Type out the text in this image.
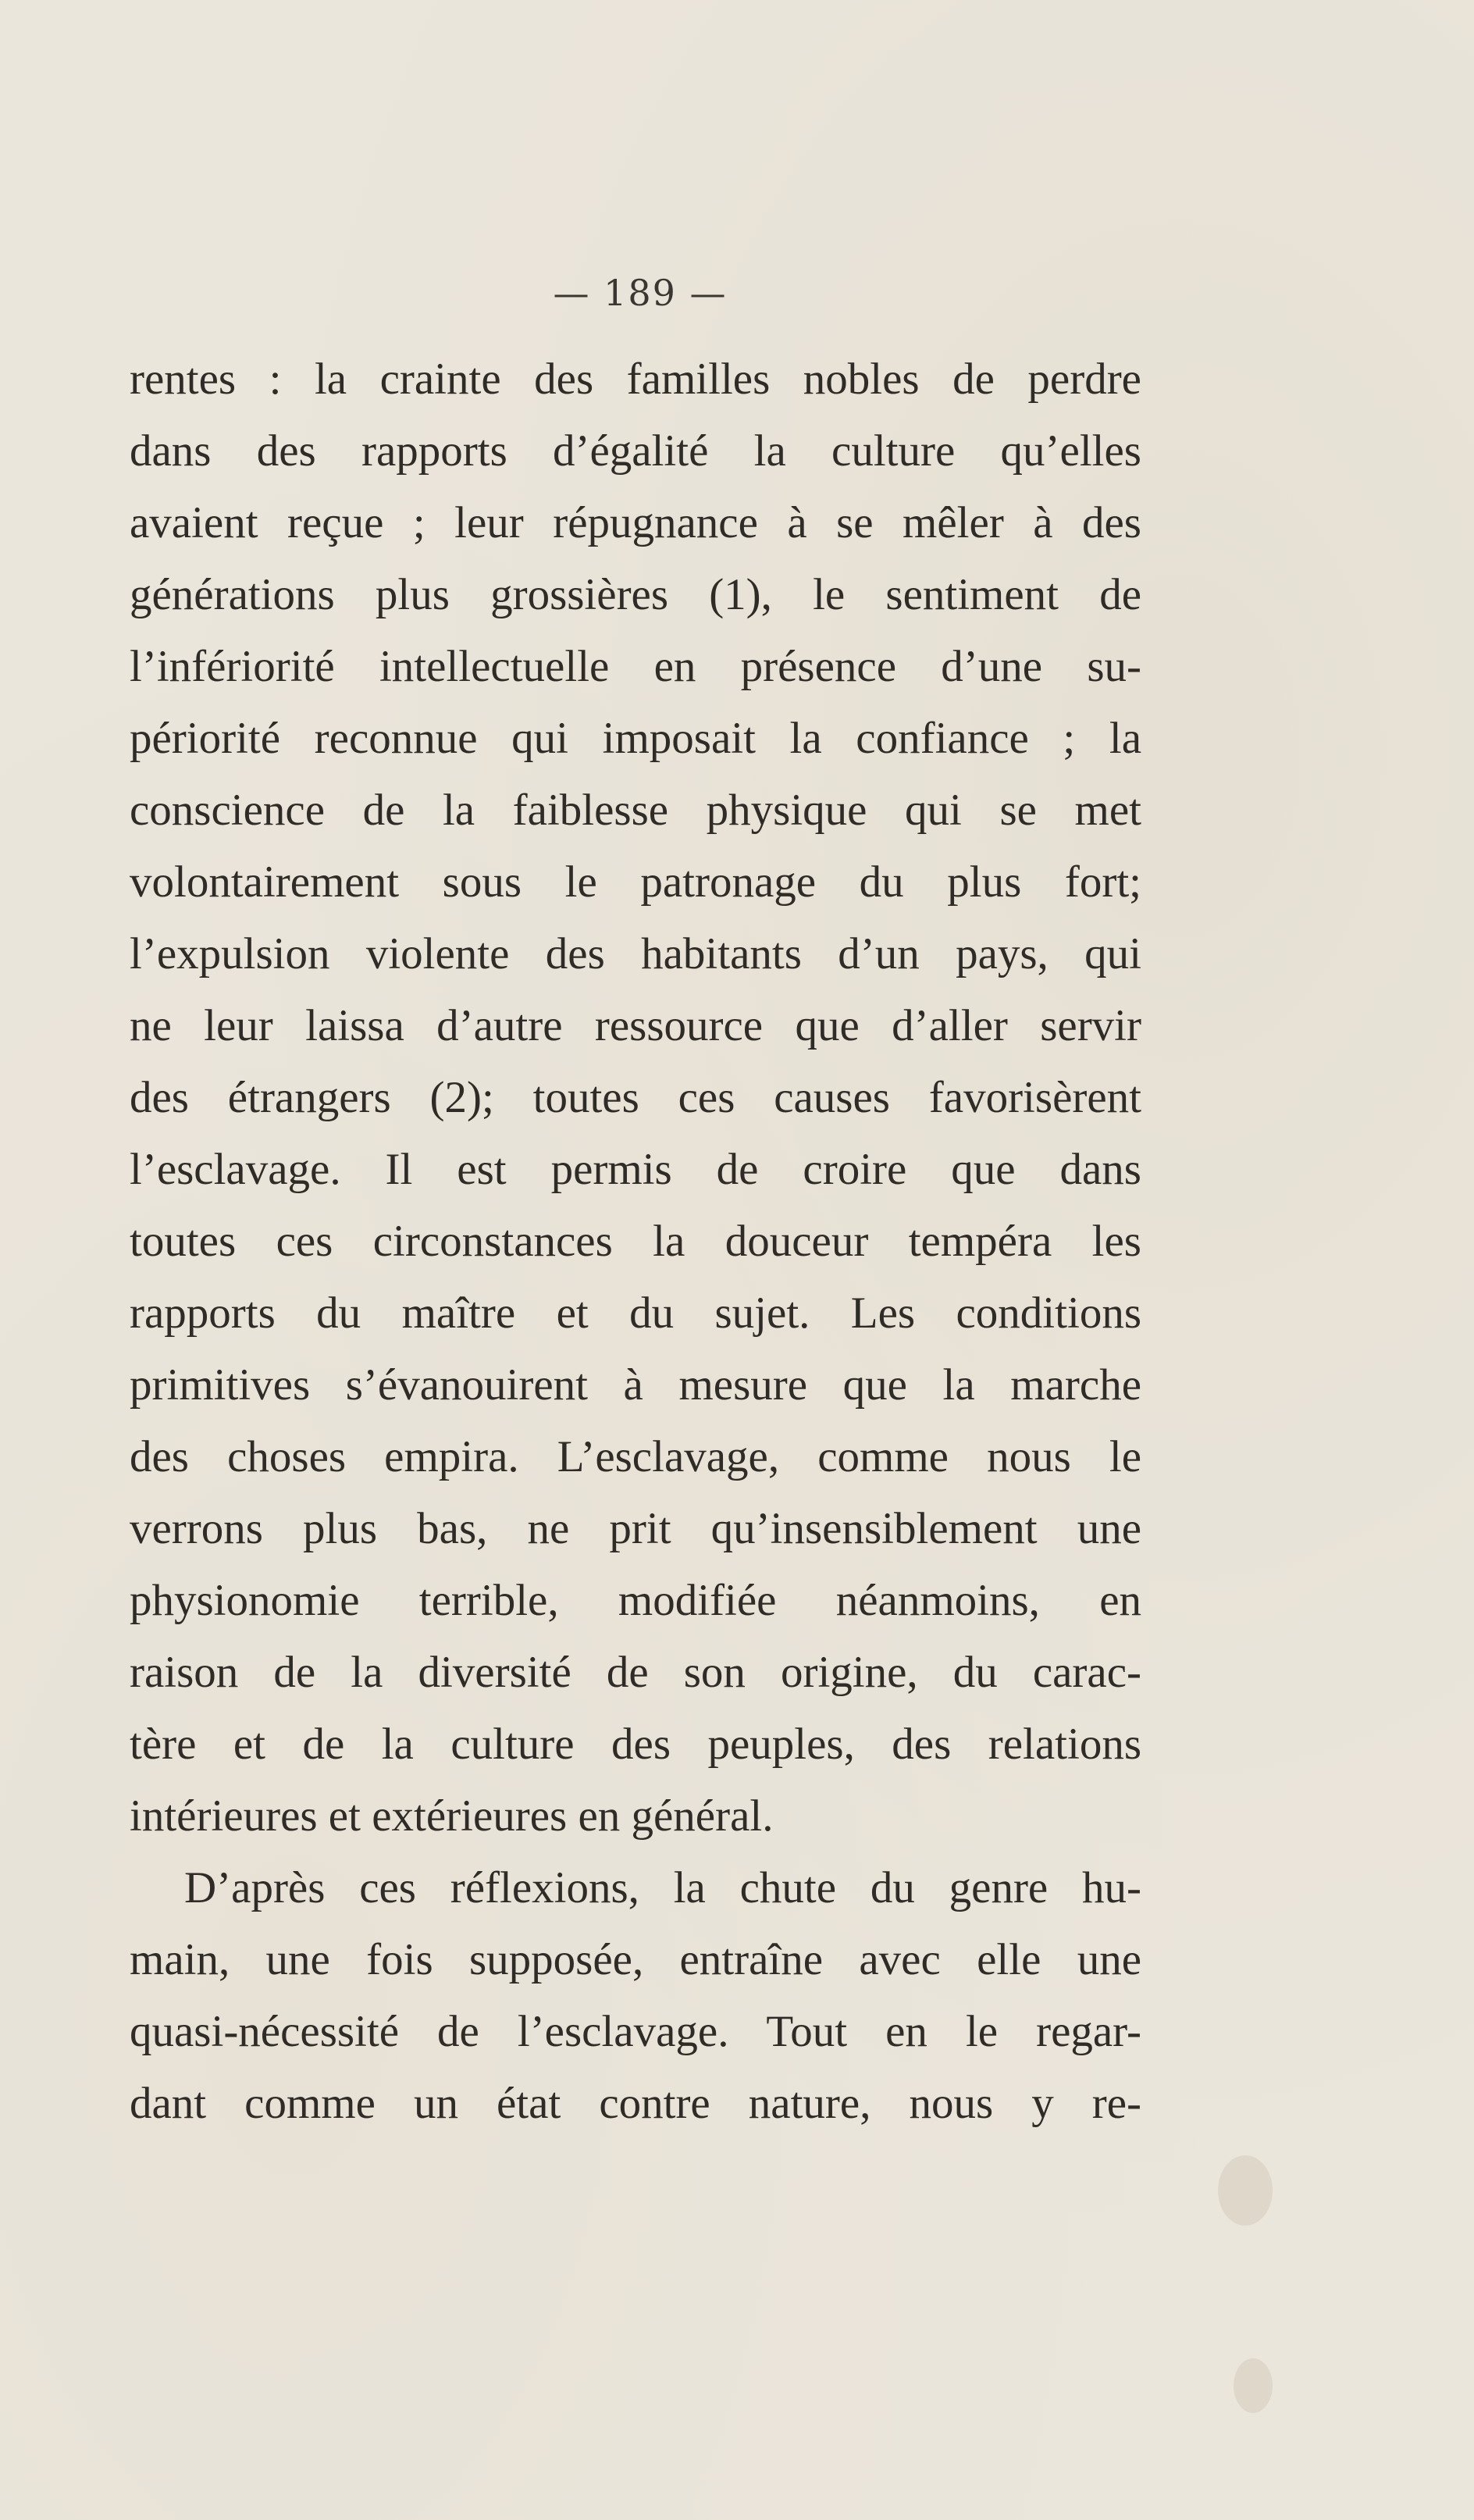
— 189 —
rentes : la crainte des familles nobles de perdre
dans des rapports d’égalité la culture qu’elles
avaient reçue ; leur répugnance à se mêler à des
générations plus grossières (1), le sentiment de
l’infériorité intellectuelle en présence d’une su-
périorité reconnue qui imposait la confiance ; la
conscience de la faiblesse physique qui se met
volontairement sous le patronage du plus fort;
l’expulsion violente des habitants d’un pays, qui
ne leur laissa d’autre ressource que d’aller servir
des étrangers (2); toutes ces causes favorisèrent
l’esclavage. Il est permis de croire que dans
toutes ces circonstances la douceur tempéra les
rapports du maître et du sujet. Les conditions
primitives s’évanouirent à mesure que la marche
des choses empira. L’esclavage, comme nous le
verrons plus bas, ne prit qu’insensiblement une
physionomie terrible, modifiée néanmoins, en
raison de la diversité de son origine, du carac-
tère et de la culture des peuples, des relations
intérieures et extérieures en général.
D’après ces réflexions, la chute du genre hu-
main, une fois supposée, entraîne avec elle une
quasi-nécessité de l’esclavage. Tout en le regar-
dant comme un état contre nature, nous y re-
